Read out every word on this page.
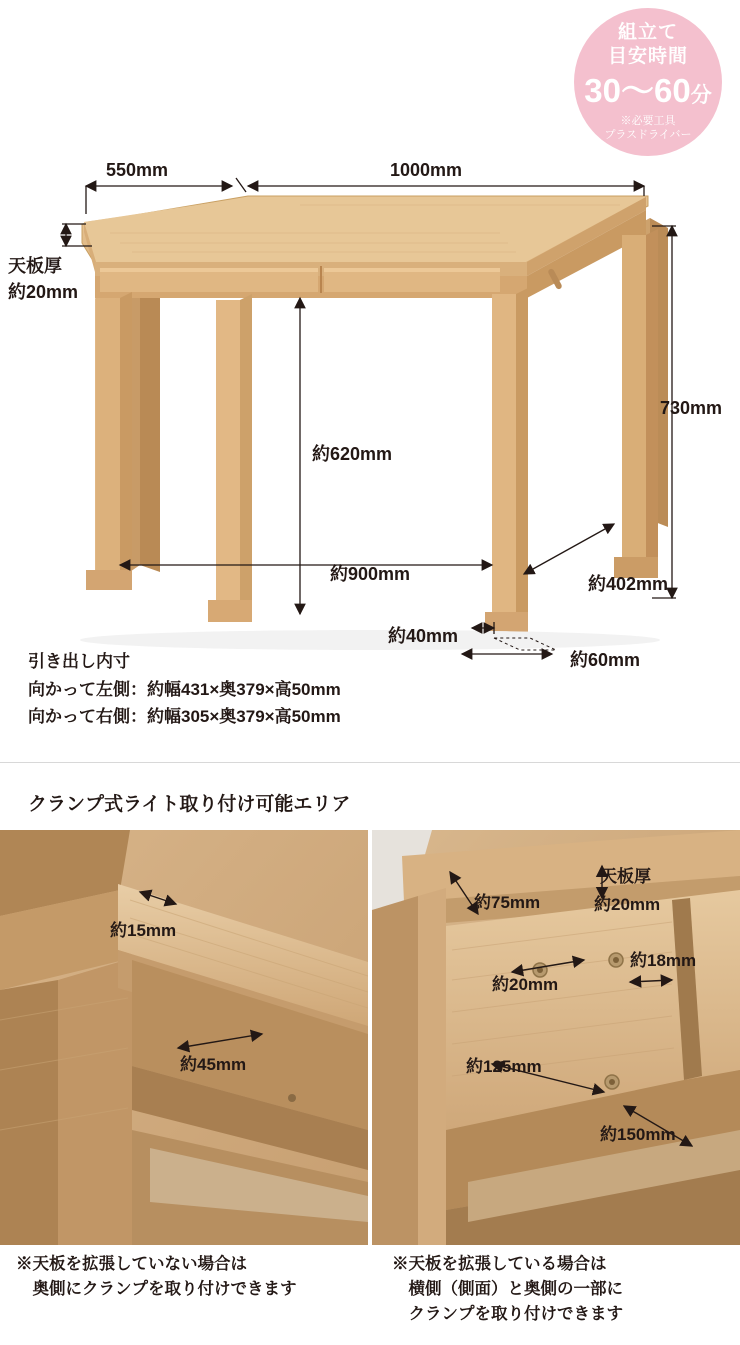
組立て
目安時間
30～60分
※必要工具
プラスドライバー
550mm	1000mm
天板厚
約20mm
730mm
約620mm
約900mm	約402mm
約40mm
約60mm
引き出し内寸
向かって左側：約幅431×奥379×高50mm
向かって右側：約幅305×奥379×高50mm
クランプ式ライト取り付け可能エリア
約15mm
約45mm
約75mm
天板厚
約20mm
約20mm
約18mm
約125mm
約150mm
※天板を拡張していない場合は
　奥側にクランプを取り付けできます
※天板を拡張している場合は
　横側（側面）と奥側の一部に
　クランプを取り付けできます
